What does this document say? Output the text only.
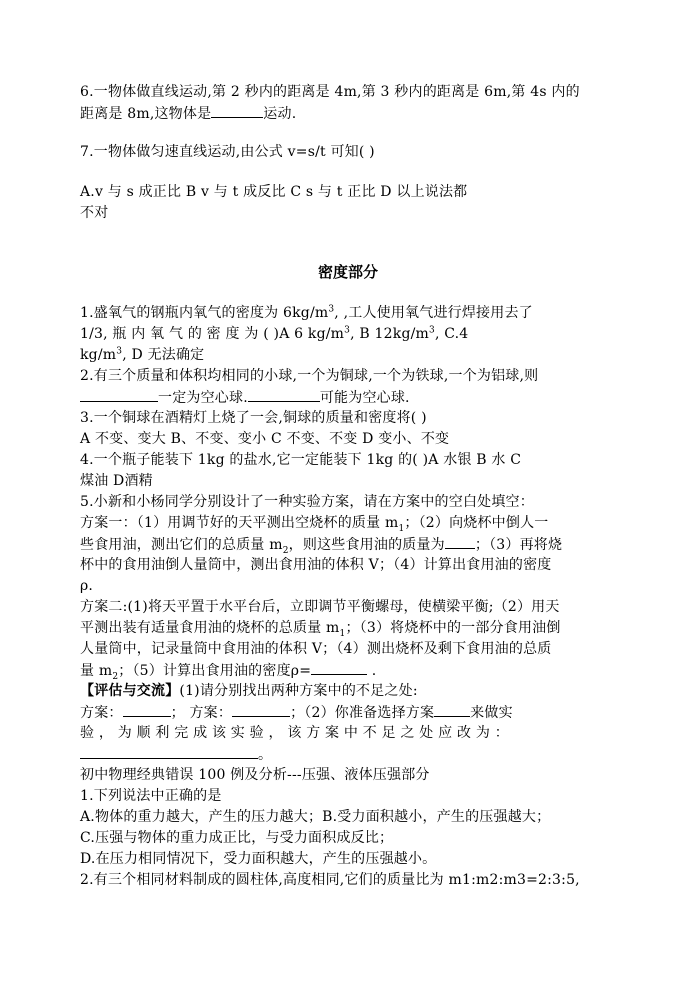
6.一物体做直线运动,第 2 秒内的距离是 4m,第 3 秒内的距离是 6m,第 4s 内的
距离是 8m,这物体是	运动.
7.一物体做匀速直线运动,由公式 v=s/t 可知( )
A.v 与 s 成正比 B v 与 t 成反比 C s 与 t 正比 D 以上说法都
不对
密度部分
1.盛氧气的钢瓶内氧气的密度为 $6kg/m^3$, ,工人使用氧气进行焊接用去了
1/3, 瓶 内 氧 气 的 密 度 为 ( )A 6 $kg/m^3$, B $12kg/m^3$, C.4
$kg/m^3$, D 无法确定
2.有三个质量和体积均相同的小球,一个为铜球,一个为铁球,一个为铝球,则
一定为空心球.	可能为空心球.
3.一个铜球在酒精灯上烧了一会,铜球的质量和密度将( )
A 不变、变大 B、不变、变小 C 不变、不变 D 变小、不变
4.一个瓶子能装下 1kg 的盐水,它一定能装下 1kg 的( )A 水银 B 水 C
煤油 D酒精
5.小新和小杨同学分别设计了一种实验方案，请在方案中的空白处填空：
方案一：（1）用调节好的天平测出空烧杯的质量 $m_1$；（2）向烧杯中倒人一
些食用油，测出它们的总质量 $m_2$，则这些食用油的质量为 ；（3）再将烧
杯中的食用油倒人量筒中，测出食用油的体积 V；（4）计算出食用油的密度
ρ.
方案二:(1)将天平置于水平台后，立即调节平衡螺母，使横梁平衡;（2）用天
平测出装有适量食用油的烧杯的总质量 $m_1$；（3）将烧杯中的一部分食用油倒
人量筒中，记录量筒中食用油的体积 V；（4）测出烧杯及剩下食用油的总质
量 $m_2$；（5）计算出食用油的密度ρ=	.
【评估与交流】(1)请分别找出两种方案中的不足之处:
方案：	； 方案：	；（2）你准备选择方案	来做实
验 ， 为 顺 利 完 成 该 实 验 ， 该 方 案 中 不 足 之 处 应 改 为 ：
。
初中物理经典错误 100 例及分析---压强、液体压强部分
1.下列说法中正确的是
A.物体的重力越大，产生的压力越大；B.受力面积越小，产生的压强越大；
C.压强与物体的重力成正比，与受力面积成反比；
D.在压力相同情况下，受力面积越大，产生的压强越小。
2.有三个相同材料制成的圆柱体,高度相同,它们的质量比为 m1:m2:m3=2:3:5,
